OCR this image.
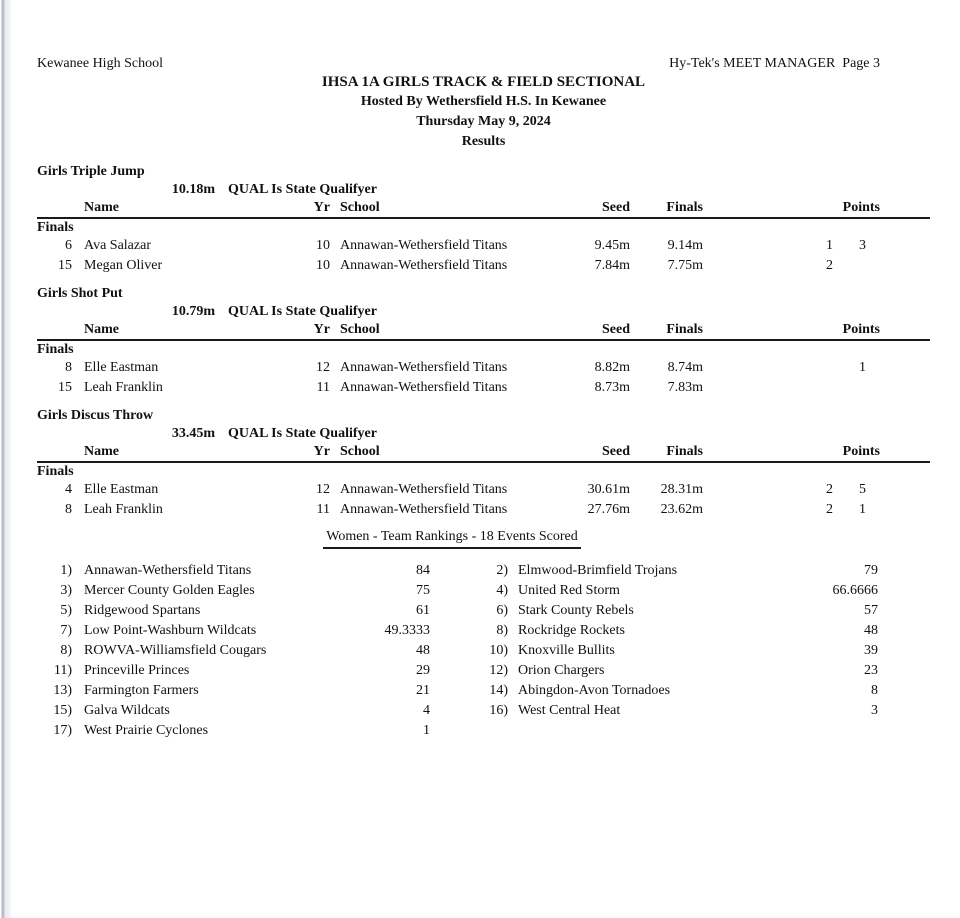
Kewanee High School	Hy-Tek's MEET MANAGER  Page 3
IHSA 1A GIRLS TRACK & FIELD SECTIONAL
Hosted By Wethersfield H.S. In Kewanee
Thursday May 9, 2024
Results
Girls Triple Jump
10.18m QUAL Is State Qualifyer
Name	Yr School	Seed	Finals	Points
Finals
6 Ava Salazar	10 Annawan-Wethersfield Titans	9.45m	9.14m	1	3
15 Megan Oliver	10 Annawan-Wethersfield Titans	7.84m	7.75m	2
Girls Shot Put
10.79m QUAL Is State Qualifyer
Name	Yr School	Seed	Finals	Points
Finals
8 Elle Eastman	12 Annawan-Wethersfield Titans	8.82m	8.74m	1
15 Leah Franklin	11 Annawan-Wethersfield Titans	8.73m	7.83m
Girls Discus Throw
33.45m QUAL Is State Qualifyer
Name	Yr School	Seed	Finals	Points
Finals
4 Elle Eastman	12 Annawan-Wethersfield Titans	30.61m	28.31m	2	5
8 Leah Franklin	11 Annawan-Wethersfield Titans	27.76m	23.62m	2	1
Women - Team Rankings - 18 Events Scored
1) Annawan-Wethersfield Titans	84	2) Elmwood-Brimfield Trojans	79
3) Mercer County Golden Eagles	75	4) United Red Storm	66.6666
5) Ridgewood Spartans	61	6) Stark County Rebels	57
7) Low Point-Washburn Wildcats	49.3333	8) Rockridge Rockets	48
8) ROWVA-Williamsfield Cougars	48	10) Knoxville Bullits	39
11) Princeville Princes	29	12) Orion Chargers	23
13) Farmington Farmers	21	14) Abingdon-Avon Tornadoes	8
15) Galva Wildcats	4	16) West Central Heat	3
17) West Prairie Cyclones	1
